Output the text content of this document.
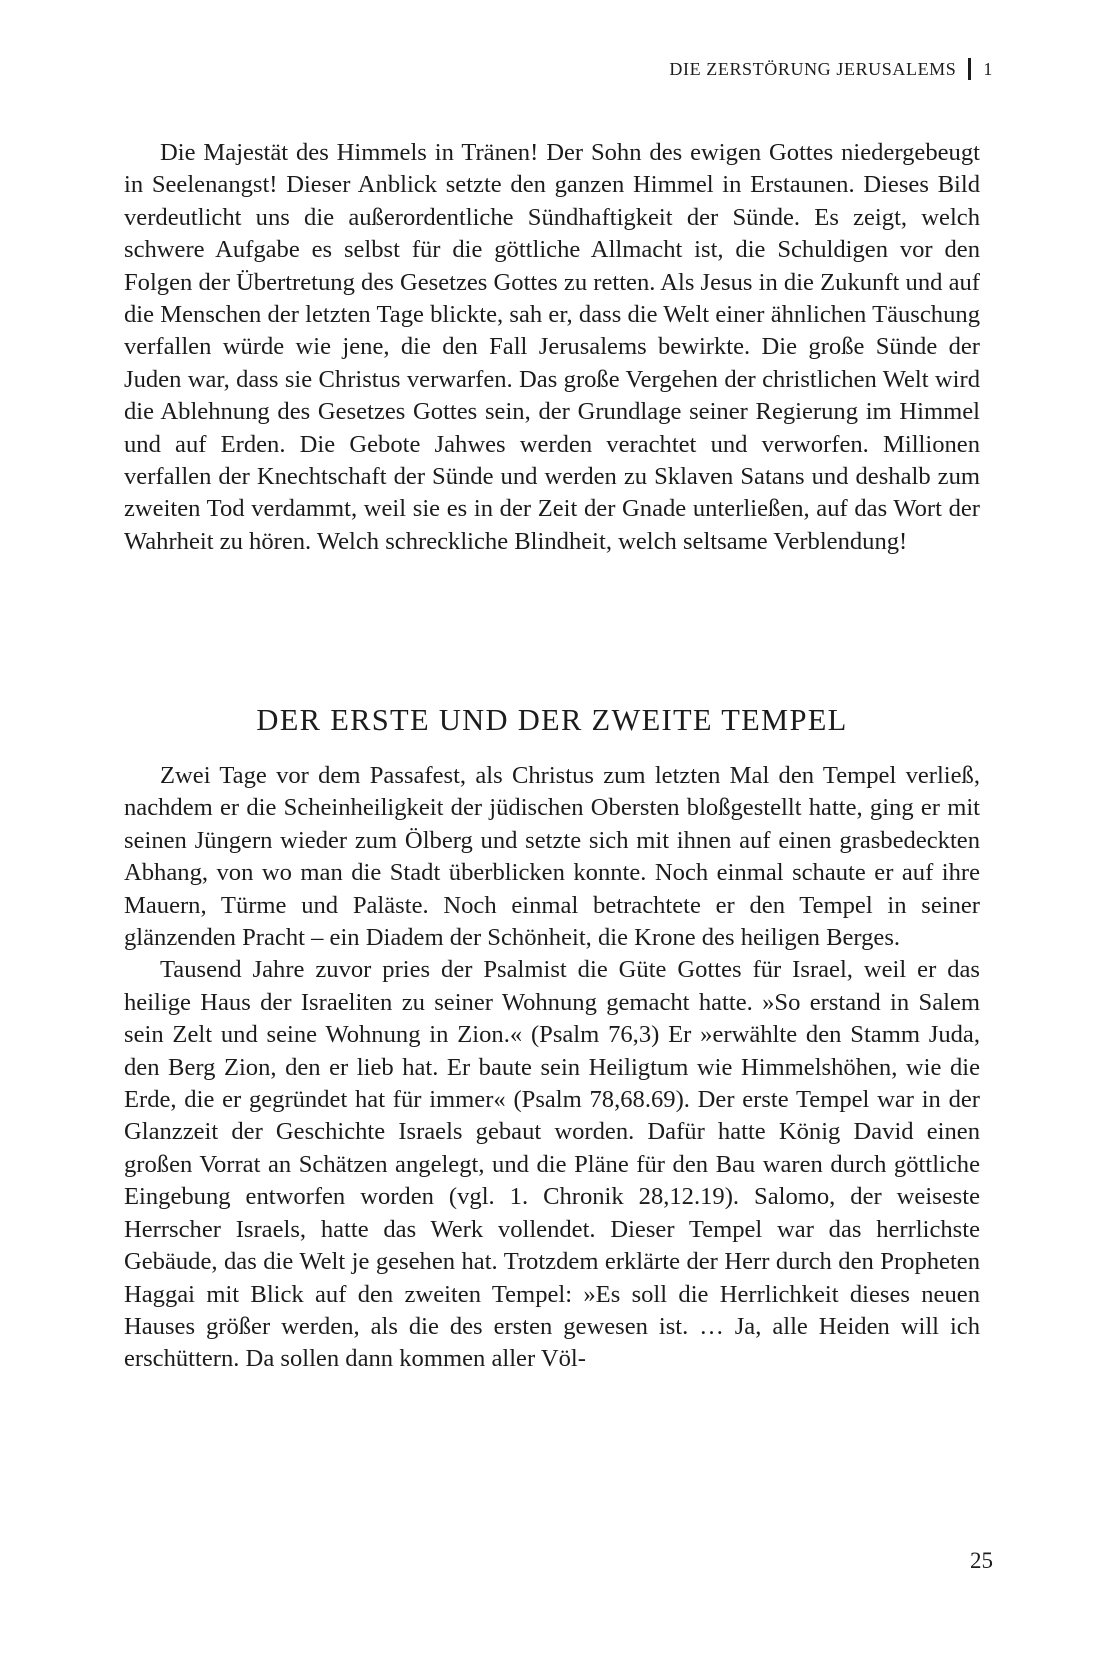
DIE ZERSTÖRUNG JERUSALEMS 1

Die Majestät des Himmels in Tränen! Der Sohn des ewigen Gottes niedergebeugt in Seelenangst! Dieser Anblick setzte den ganzen Himmel in Erstaunen. Dieses Bild verdeutlicht uns die außerordentliche Sündhaftigkeit der Sünde. Es zeigt, welch schwere Aufgabe es selbst für die göttliche Allmacht ist, die Schuldigen vor den Folgen der Übertretung des Gesetzes Gottes zu retten. Als Jesus in die Zukunft und auf die Menschen der letzten Tage blickte, sah er, dass die Welt einer ähnlichen Täuschung verfallen würde wie jene, die den Fall Jerusalems bewirkte. Die große Sünde der Juden war, dass sie Christus verwarfen. Das große Vergehen der christlichen Welt wird die Ablehnung des Gesetzes Gottes sein, der Grundlage seiner Regierung im Himmel und auf Erden. Die Gebote Jahwes werden verachtet und verworfen. Millionen verfallen der Knechtschaft der Sünde und werden zu Sklaven Satans und deshalb zum zweiten Tod verdammt, weil sie es in der Zeit der Gnade unterließen, auf das Wort der Wahrheit zu hören. Welch schreckliche Blindheit, welch seltsame Verblendung!

DER ERSTE UND DER ZWEITE TEMPEL

Zwei Tage vor dem Passafest, als Christus zum letzten Mal den Tempel verließ, nachdem er die Scheinheiligkeit der jüdischen Obersten bloßgestellt hatte, ging er mit seinen Jüngern wieder zum Ölberg und setzte sich mit ihnen auf einen grasbedeckten Abhang, von wo man die Stadt überblicken konnte. Noch einmal schaute er auf ihre Mauern, Türme und Paläste. Noch einmal betrachtete er den Tempel in seiner glänzenden Pracht – ein Diadem der Schönheit, die Krone des heiligen Berges.

Tausend Jahre zuvor pries der Psalmist die Güte Gottes für Israel, weil er das heilige Haus der Israeliten zu seiner Wohnung gemacht hatte. »So erstand in Salem sein Zelt und seine Wohnung in Zion.« (Psalm 76,3) Er »erwählte den Stamm Juda, den Berg Zion, den er lieb hat. Er baute sein Heiligtum wie Himmelshöhen, wie die Erde, die er gegründet hat für immer« (Psalm 78,68.69). Der erste Tempel war in der Glanzzeit der Geschichte Israels gebaut worden. Dafür hatte König David einen großen Vorrat an Schätzen angelegt, und die Pläne für den Bau waren durch göttliche Eingebung entworfen worden (vgl. 1. Chronik 28,12.19). Salomo, der weiseste Herrscher Israels, hatte das Werk vollendet. Dieser Tempel war das herrlichste Gebäude, das die Welt je gesehen hat. Trotzdem erklärte der Herr durch den Propheten Haggai mit Blick auf den zweiten Tempel: »Es soll die Herrlichkeit dieses neuen Hauses größer werden, als die des ersten gewesen ist. … Ja, alle Heiden will ich erschüttern. Da sollen dann kommen aller Völ-

25
